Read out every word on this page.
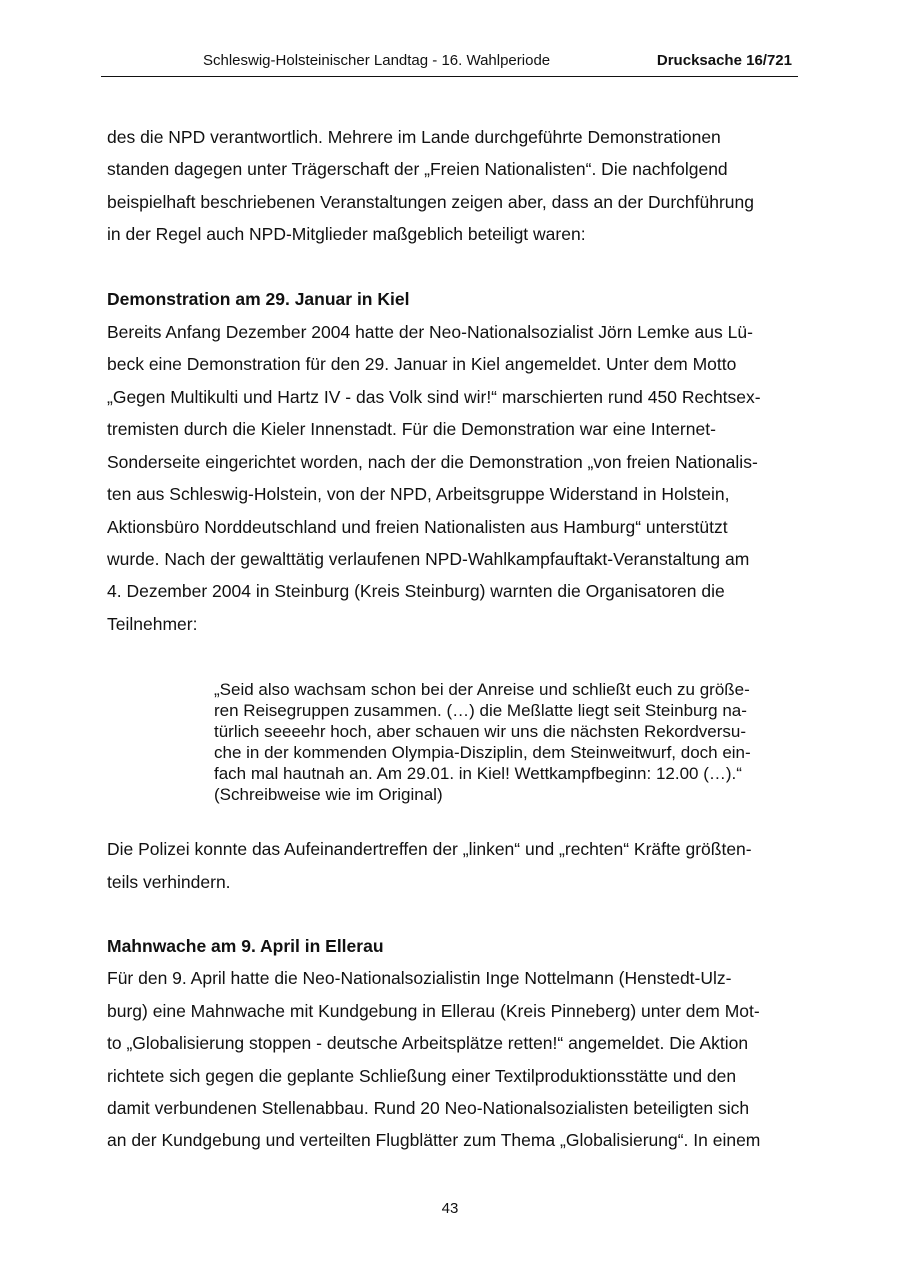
Schleswig-Holsteinischer Landtag - 16. Wahlperiode	Drucksache 16/721
des die NPD verantwortlich. Mehrere im Lande durchgeführte Demonstrationen
standen dagegen unter Trägerschaft der „Freien Nationalisten“. Die nachfolgend
beispielhaft beschriebenen Veranstaltungen zeigen aber, dass an der Durchführung
in der Regel auch NPD-Mitglieder maßgeblich beteiligt waren:
Demonstration am 29. Januar in Kiel
Bereits Anfang Dezember 2004 hatte der Neo-Nationalsozialist Jörn Lemke aus Lü-
beck eine Demonstration für den 29. Januar in Kiel angemeldet. Unter dem Motto
„Gegen Multikulti und Hartz IV - das Volk sind wir!“ marschierten rund 450 Rechtsex-
tremisten durch die Kieler Innenstadt. Für die Demonstration war eine Internet-
Sonderseite eingerichtet worden, nach der die Demonstration „von freien Nationalis-
ten aus Schleswig-Holstein, von der NPD, Arbeitsgruppe Widerstand in Holstein,
Aktionsbüro Norddeutschland und freien Nationalisten aus Hamburg“ unterstützt
wurde. Nach der gewalttätig verlaufenen NPD-Wahlkampfauftakt-Veranstaltung am
4. Dezember 2004 in Steinburg (Kreis Steinburg) warnten die Organisatoren die
Teilnehmer:
„Seid also wachsam schon bei der Anreise und schließt euch zu größe-
ren Reisegruppen zusammen. (…) die Meßlatte liegt seit Steinburg na-
türlich seeeehr hoch, aber schauen wir uns die nächsten Rekordversu-
che in der kommenden Olympia-Disziplin, dem Steinweitwurf, doch ein-
fach mal hautnah an. Am 29.01. in Kiel! Wettkampfbeginn: 12.00 (…).“
(Schreibweise wie im Original)
Die Polizei konnte das Aufeinandertreffen der „linken“ und „rechten“ Kräfte größten-
teils verhindern.
Mahnwache am 9. April in Ellerau
Für den 9. April hatte die Neo-Nationalsozialistin Inge Nottelmann (Henstedt-Ulz-
burg) eine Mahnwache mit Kundgebung in Ellerau (Kreis Pinneberg) unter dem Mot-
to „Globalisierung stoppen - deutsche Arbeitsplätze retten!“ angemeldet. Die Aktion
richtete sich gegen die geplante Schließung einer Textilproduktionsstätte und den
damit verbundenen Stellenabbau. Rund 20 Neo-Nationalsozialisten beteiligten sich
an der Kundgebung und verteilten Flugblätter zum Thema „Globalisierung“. In einem
43
